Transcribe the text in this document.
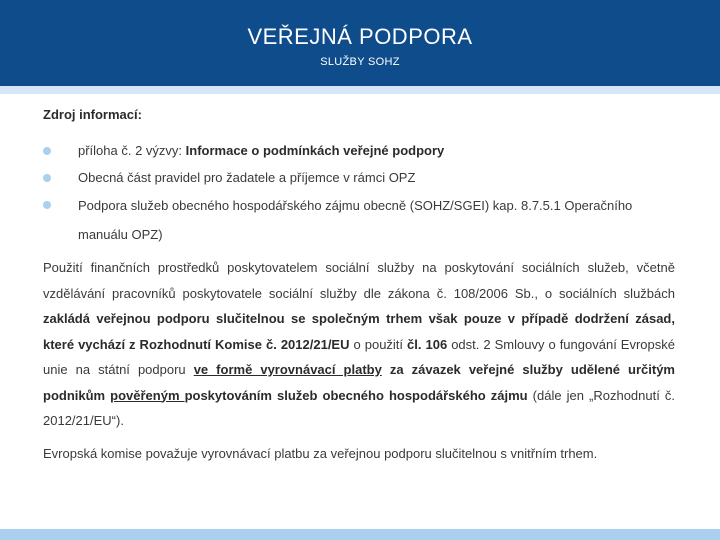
VEŘEJNÁ PODPORA
SLUŽBY SOHZ
Zdroj informací:
příloha č. 2 výzvy: Informace o podmínkách veřejné podpory
Obecná část pravidel pro žadatele a příjemce v rámci OPZ
Podpora služeb obecného hospodářského zájmu obecně (SOHZ/SGEI) kap. 8.7.5.1 Operačního manuálu OPZ)
Použití finančních prostředků poskytovatelem sociální služby na poskytování sociálních služeb, včetně vzdělávání pracovníků poskytovatele sociální služby dle zákona č. 108/2006 Sb., o sociálních službách zakládá veřejnou podporu slučitelnou se společným trhem však pouze v případě dodržení zásad, které vychází z Rozhodnutí Komise č. 2012/21/EU o použití čl. 106 odst. 2 Smlouvy o fungování Evropské unie na státní podporu ve formě vyrovnávací platby za závazek veřejné služby udělené určitým podnikům pověřeným poskytováním služeb obecného hospodářského zájmu (dále jen „Rozhodnutí č. 2012/21/EU“).
Evropská komise považuje vyrovnávací platbu za veřejnou podporu slučitelnou s vnitřním trhem.
